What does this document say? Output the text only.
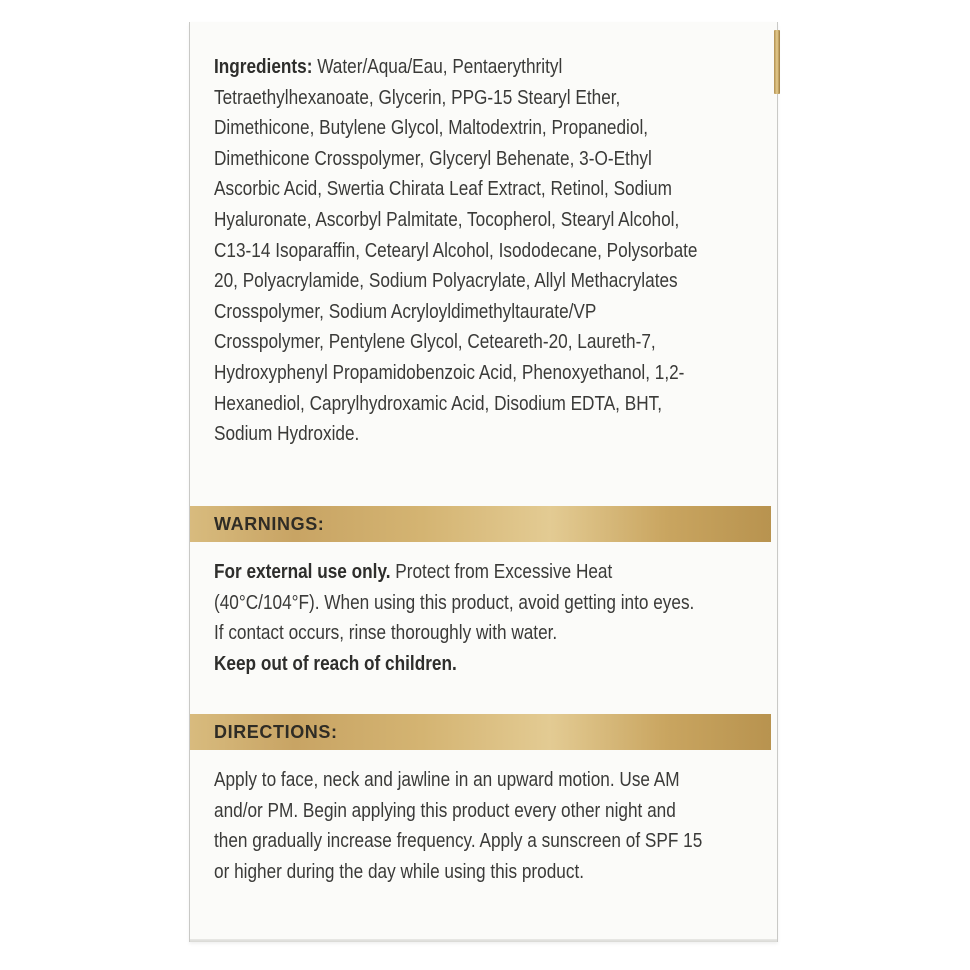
Ingredients: Water/Aqua/Eau, Pentaerythrityl Tetraethylhexanoate, Glycerin, PPG-15 Stearyl Ether, Dimethicone, Butylene Glycol, Maltodextrin, Propanediol, Dimethicone Crosspolymer, Glyceryl Behenate, 3-O-Ethyl Ascorbic Acid, Swertia Chirata Leaf Extract, Retinol, Sodium Hyaluronate, Ascorbyl Palmitate, Tocopherol, Stearyl Alcohol, C13-14 Isoparaffin, Cetearyl Alcohol, Isododecane, Polysorbate 20, Polyacrylamide, Sodium Polyacrylate, Allyl Methacrylates Crosspolymer, Sodium Acryloyldimethyltaurate/VP Crosspolymer, Pentylene Glycol, Ceteareth-20, Laureth-7, Hydroxyphenyl Propamidobenzoic Acid, Phenoxyethanol, 1,2-Hexanediol, Caprylhydroxamic Acid, Disodium EDTA, BHT, Sodium Hydroxide.
WARNINGS:
For external use only. Protect from Excessive Heat (40°C/104°F). When using this product, avoid getting into eyes. If contact occurs, rinse thoroughly with water.
Keep out of reach of children.
DIRECTIONS:
Apply to face, neck and jawline in an upward motion. Use AM and/or PM. Begin applying this product every other night and then gradually increase frequency. Apply a sunscreen of SPF 15 or higher during the day while using this product.
